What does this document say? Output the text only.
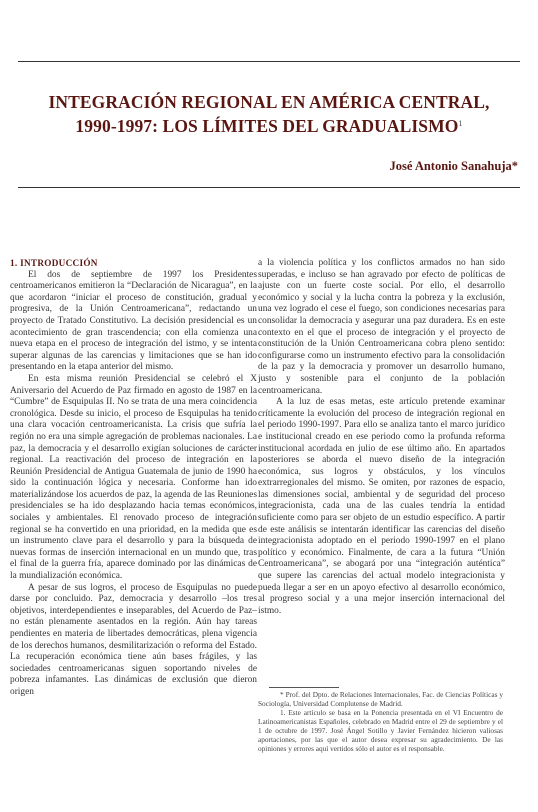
INTEGRACIÓN REGIONAL EN AMÉRICA CENTRAL,
1990-1997: LOS LÍMITES DEL GRADUALISMO$^1$
José Antonio Sanahuja*

1. INTRODUCCIÓN

El dos de septiembre de 1997 los Presidentes centroamericanos emitieron la “Declaración de Nicaragua”, en la que acordaron “iniciar el proceso de constitución, gradual y progresiva, de la Unión Centroamericana”, redactando un proyecto de Tratado Constitutivo. La decisión presidencial es un acontecimiento de gran trascendencia; con ella comienza una nueva etapa en el proceso de integración del istmo, y se intenta superar algunas de las carencias y limitaciones que se han ido presentando en la etapa anterior del mismo.

En esta misma reunión Presidencial se celebró el X Aniversario del Acuerdo de Paz firmado en agosto de 1987 en la “Cumbre” de Esquipulas II. No se trata de una mera coincidencia cronológica. Desde su inicio, el proceso de Esquipulas ha tenido una clara vocación centroamericanista. La crisis que sufría la región no era una simple agregación de problemas nacionales. La paz, la democracia y el desarrollo exigían soluciones de carácter regional. La reactivación del proceso de integración en la Reunión Presidencial de Antigua Guatemala de junio de 1990 ha sido la continuación lógica y necesaria. Conforme han ido materializándose los acuerdos de paz, la agenda de las Reuniones presidenciales se ha ido desplazando hacia temas económicos, sociales y ambientales. El renovado proceso de integración regional se ha convertido en una prioridad, en la medida que es un instrumento clave para el desarrollo y para la búsqueda de nuevas formas de inserción internacional en un mundo que, tras el final de la guerra fría, aparece dominado por las dinámicas de la mundialización económica.

A pesar de sus logros, el proceso de Esquipulas no puede darse por concluido. Paz, democracia y desarrollo –los tres objetivos, interdependientes e inseparables, del Acuerdo de Paz– no están plenamente asentados en la región. Aún hay tareas pendientes en materia de libertades democráticas, plena vigencia de los derechos humanos, desmilitarización o reforma del Estado. La recuperación económica tiene aún bases frágiles, y las sociedades centroamericanas siguen soportando niveles de pobreza infamantes. Las dinámicas de exclusión que dieron origen

a la violencia política y los conflictos armados no han sido superadas, e incluso se han agravado por efecto de políticas de ajuste con un fuerte coste social. Por ello, el desarrollo económico y social y la lucha contra la pobreza y la exclusión, una vez logrado el cese el fuego, son condiciones necesarias para consolidar la democracia y asegurar una paz duradera. Es en este contexto en el que el proceso de integración y el proyecto de constitución de la Unión Centroamericana cobra pleno sentido: configurarse como un instrumento efectivo para la consolidación de la paz y la democracia y promover un desarrollo humano, justo y sostenible para el conjunto de la población centroamericana.

A la luz de esas metas, este artículo pretende examinar críticamente la evolución del proceso de integración regional en el periodo 1990-1997. Para ello se analiza tanto el marco jurídico e institucional creado en ese periodo como la profunda reforma institucional acordada en julio de ese último año. En apartados posteriores se aborda el nuevo diseño de la integración económica, sus logros y obstáculos, y los vínculos extrarregionales del mismo. Se omiten, por razones de espacio, las dimensiones social, ambiental y de seguridad del proceso integracionista, cada una de las cuales tendría la entidad suficiente como para ser objeto de un estudio específico. A partir de este análisis se intentarán identificar las carencias del diseño integracionista adoptado en el periodo 1990-1997 en el plano político y económico. Finalmente, de cara a la futura “Unión Centroamericana”, se abogará por una “integración auténtica” que supere las carencias del actual modelo integracionista y pueda llegar a ser en un apoyo efectivo al desarrollo económico, al progreso social y a una mejor inserción internacional del istmo.

* Prof. del Dpto. de Relaciones Internacionales, Fac. de Ciencias Políticas y Sociología, Universidad Complutense de Madrid.

1. Este artículo se basa en la Ponencia presentada en el VI Encuentro de Latinoamericanistas Españoles, celebrado en Madrid entre el 29 de septiembre y el 1 de octubre de 1997. José Ángel Sotillo y Javier Fernández hicieron valiosas aportaciones, por las que el autor desea expresar su agradecimiento. De las opiniones y errores aquí vertidos sólo el autor es el responsable.
